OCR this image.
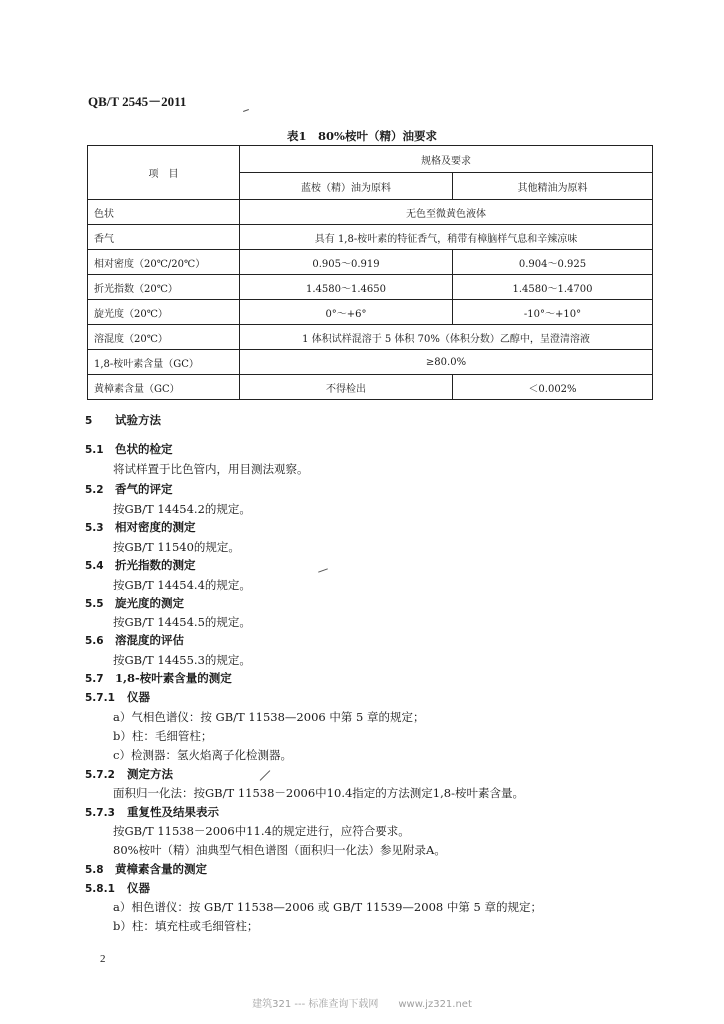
QB/T 2545－2011
表1　80%桉叶（精）油要求
项　目	规格及要求	
	蓝桉（精）油为原料	其他精油为原料
色状	无色至微黄色液体	
香气	具有 1,8-桉叶素的特征香气，稍带有樟脑样气息和辛辣凉味	
相对密度（20℃/20℃）	0.905～0.919	0.904～0.925
折光指数（20℃）	1.4580～1.4650	1.4580～1.4700
旋光度（20℃）	0°～+6°	-10°～+10°
溶混度（20℃）	1 体积试样混溶于 5 体积 70%（体积分数）乙醇中，呈澄清溶液	
1,8-桉叶素含量（GC）	≥80.0%	
黄樟素含量（GC）	不得检出	＜0.002%
5 试验方法
5.1 色状的检定
将试样置于比色管内，用目测法观察。
5.2 香气的评定
按GB/T 14454.2的规定。
5.3 相对密度的测定
按GB/T 11540的规定。
5.4 折光指数的测定
按GB/T 14454.4的规定。
5.5 旋光度的测定
按GB/T 14454.5的规定。
5.6 溶混度的评估
按GB/T 14455.3的规定。
5.7 1,8-桉叶素含量的测定
5.7.1 仪器
a）气相色谱仪：按 GB/T 11538—2006 中第 5 章的规定；
b）柱：毛细管柱；
c）检测器：氢火焰离子化检测器。
5.7.2 测定方法
面积归一化法：按GB/T 11538－2006中10.4指定的方法测定1,8-桉叶素含量。
5.7.3 重复性及结果表示
按GB/T 11538－2006中11.4的规定进行，应符合要求。
80%桉叶（精）油典型气相色谱图（面积归一化法）参见附录A。
5.8 黄樟素含量的测定
5.8.1 仪器
a）相色谱仪：按 GB/T 11538—2006 或 GB/T 11539—2008 中第 5 章的规定；
b）柱：填充柱或毛细管柱；
2
建筑321 --- 标准查询下载网　　www.jz321.net
